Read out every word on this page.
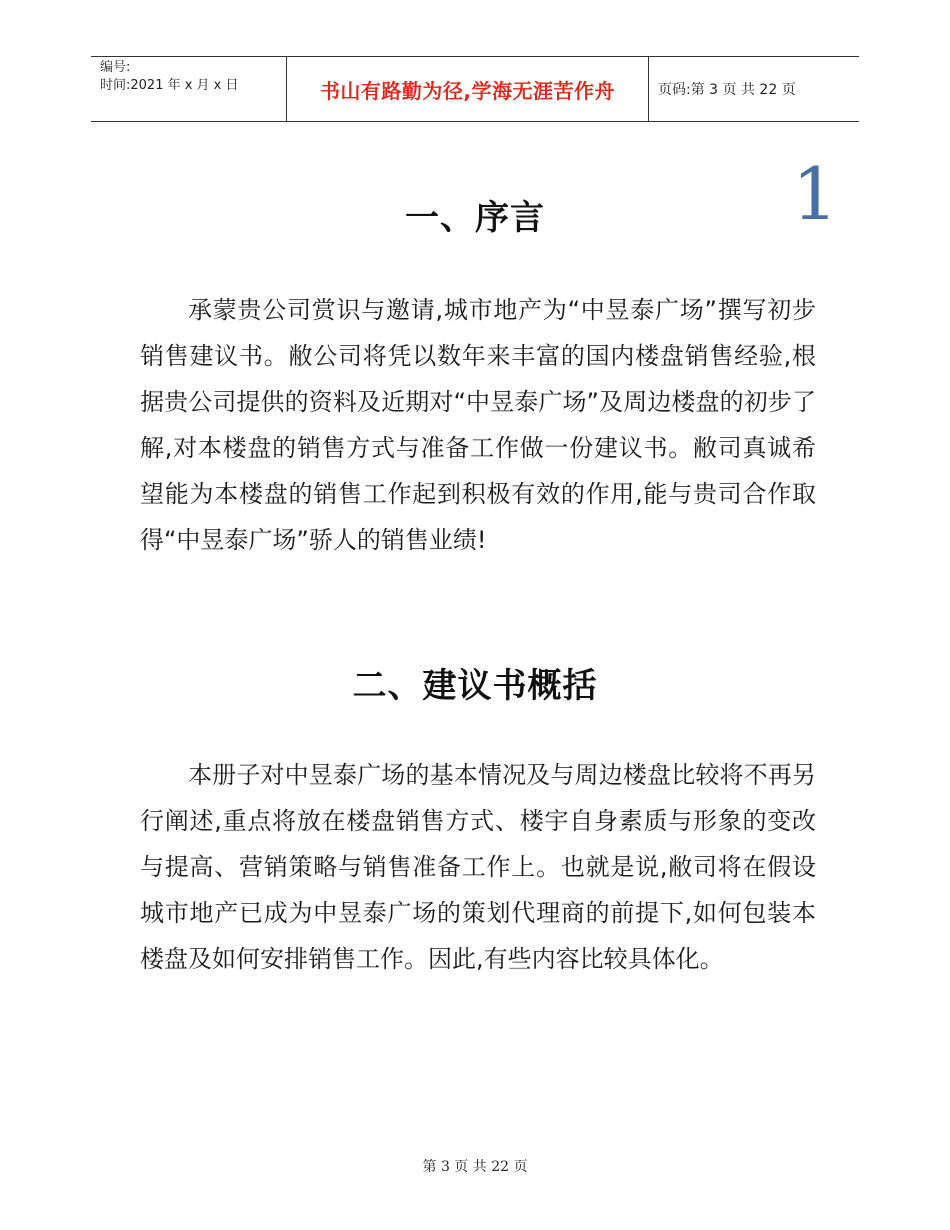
编号:
时间:2021 年 x 月 x 日	书山有路勤为径,学海无涯苦作舟	页码:第 3 页 共 22 页
1
一、序言

承蒙贵公司赏识与邀请,城市地产为“中昱泰广场”撰写初步销售建议书。敝公司将凭以数年来丰富的国内楼盘销售经验,根据贵公司提供的资料及近期对“中昱泰广场”及周边楼盘的初步了解,对本楼盘的销售方式与准备工作做一份建议书。敝司真诚希望能为本楼盘的销售工作起到积极有效的作用,能与贵司合作取得“中昱泰广场”骄人的销售业绩!

二、建议书概括

本册子对中昱泰广场的基本情况及与周边楼盘比较将不再另行阐述,重点将放在楼盘销售方式、楼宇自身素质与形象的变改与提高、营销策略与销售准备工作上。也就是说,敝司将在假设城市地产已成为中昱泰广场的策划代理商的前提下,如何包装本楼盘及如何安排销售工作。因此,有些内容比较具体化。

第 3 页 共 22 页
